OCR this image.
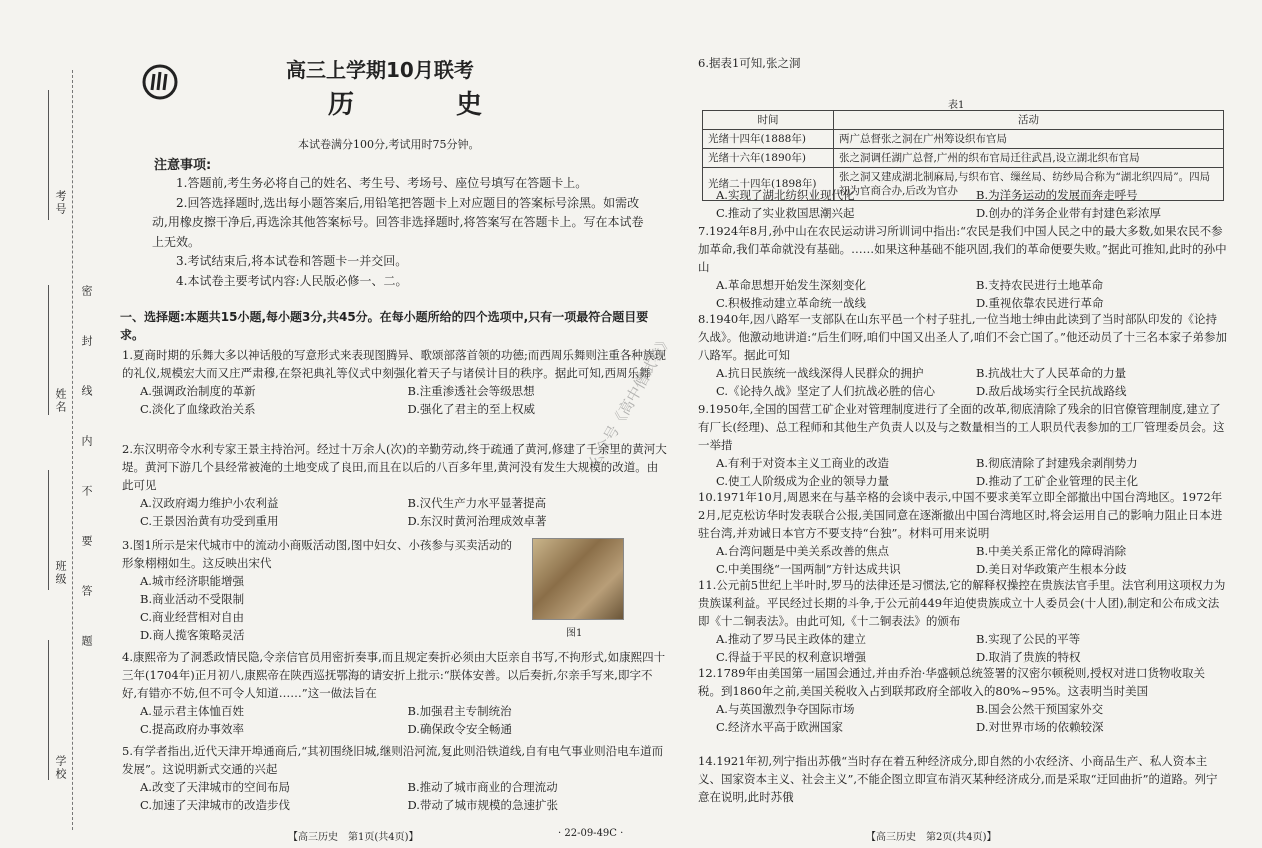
考号
姓名
班级
学校
密　封　线　内　不　要　答　题
高三上学期10月联考
历　史
本试卷满分100分,考试用时75分钟。
注意事项:

1.答题前,考生务必将自己的姓名、考生号、考场号、座位号填写在答题卡上。

2.回答选择题时,选出每小题答案后,用铅笔把答题卡上对应题目的答案标号涂黑。如需改动,用橡皮擦干净后,再选涂其他答案标号。回答非选择题时,将答案写在答题卡上。写在本试卷上无效。

3.考试结束后,将本试卷和答题卡一并交回。

4.本试卷主要考试内容:人民版必修一、二。

一、选择题:本题共15小题,每小题3分,共45分。在每小题所给的四个选项中,只有一项最符合题目要求。

1.夏商时期的乐舞大多以神话般的写意形式来表现图腾异、歌颂部落首领的功德;而西周乐舞则注重各种族现的礼仪,规模宏大而又庄严肃穆,在祭祀典礼等仪式中刻强化着天子与诸侯计目的秩序。据此可知,西周乐舞

A.强调政治制度的革新	B.注重渗透社会等级思想
C.淡化了血缘政治关系	D.强化了君主的至上权威

2.东汉明帝令水利专家王景主持治河。经过十万余人(次)的辛勤劳动,终于疏通了黄河,修建了千余里的黄河大堤。黄河下游几个县经常被淹的土地变成了良田,而且在以后的八百多年里,黄河没有发生大规模的改道。由此可见

A.汉政府竭力维护小农利益	B.汉代生产力水平显著提高
C.王景因治黄有功受到重用	D.东汉时黄河治理成效卓著

3.图1所示是宋代城市中的流动小商贩活动图,图中妇女、小孩参与买卖活动的形象栩栩如生。这反映出宋代

A.城市经济职能增强
B.商业活动不受限制
C.商业经营相对自由
D.商人揽客策略灵活	图1

4.康熙帝为了洞悉政情民隐,令亲信官员用密折奏事,而且规定奏折必须由大臣亲自书写,不拘形式,如康熙四十三年(1704年)正月初八,康熙帝在陕西巡抚鄂海的请安折上批示:“朕体安善。以后奏折,尔亲手写来,即字不好,有错亦不妨,但不可令人知道……”这一做法旨在

A.显示君主体恤百姓	B.加强君主专制统治
C.提高政府办事效率	D.确保政令安全畅通

5.有学者指出,近代天津开埠通商后,“其初围绕旧城,继则沿河流,复此则沿铁道线,自有电气事业则沿电车道而发展”。这说明新式交通的兴起

A.改变了天津城市的空间布局	B.推动了城市商业的合理流动
C.加速了天津城市的改造步伐	D.带动了城市规模的急速扩张
【高三历史　第1页(共4页)】	· 22-09-49C ·
公众号《高中僧试卷》
6.据表1可知,张之洞
表1
时间	活动
光绪十四年(1888年)	两广总督张之洞在广州筹设织布官局
光绪十六年(1890年)	张之洞调任湖广总督,广州的织布官局迁往武昌,设立湖北织布官局
光绪二十四年(1898年)	张之洞又建成湖北制麻局,与织布官、缫丝局、纺纱局合称为“湖北织四局”。四局初为官商合办,后改为官办
A.实现了湖北纺织业现代化	B.为洋务运动的发展而奔走呼号
C.推动了实业救国思潮兴起	D.创办的洋务企业带有封建色彩浓厚

7.1924年8月,孙中山在农民运动讲习所训词中指出:“农民是我们中国人民之中的最大多数,如果农民不参加革命,我们革命就没有基础。……如果这种基础不能巩固,我们的革命便要失败。”据此可推知,此时的孙中山

A.革命思想开始发生深刻变化	B.支持农民进行土地革命
C.积极推动建立革命统一战线	D.重视依靠农民进行革命

8.1940年,因八路军一支部队在山东平邑一个村子驻扎,一位当地士绅由此读到了当时部队印发的《论持久战》。他激动地讲道:“后生们呀,咱们中国又出圣人了,咱们不会亡国了。”他还动员了十三名本家子弟参加八路军。据此可知

A.抗日民族统一战线深得人民群众的拥护	B.抗战壮大了人民革命的力量
C.《论持久战》坚定了人们抗战必胜的信心	D.敌后战场实行全民抗战路线

9.1950年,全国的国营工矿企业对管理制度进行了全面的改革,彻底清除了残余的旧官僚管理制度,建立了有厂长(经理)、总工程师和其他生产负责人以及与之数量相当的工人职员代表参加的工厂管理委员会。这一举措

A.有利于对资本主义工商业的改造	B.彻底清除了封建残余剥削势力
C.使工人阶级成为企业的领导力量	D.推动了工矿企业管理的民主化

10.1971年10月,周恩来在与基辛格的会谈中表示,中国不要求美军立即全部撤出中国台湾地区。1972年2月,尼克松访华时发表联合公报,美国同意在逐渐撤出中国台湾地区时,将会运用自己的影响力阻止日本进驻台湾,并劝诫日本官方不要支持“台独”。材料可用来说明

A.台湾问题是中美关系改善的焦点	B.中美关系正常化的障碍消除
C.中美围绕“一国两制”方针达成共识	D.美日对华政策产生根本分歧

11.公元前5世纪上半叶时,罗马的法律还是习惯法,它的解释权操控在贵族法官手里。法官利用这项权力为贵族谋利益。平民经过长期的斗争,于公元前449年迫使贵族成立十人委员会(十人团),制定和公布成文法即《十二铜表法》。由此可知,《十二铜表法》的颁布

A.推动了罗马民主政体的建立	B.实现了公民的平等
C.得益于平民的权利意识增强	D.取消了贵族的特权

12.1789年由美国第一届国会通过,并由乔治·华盛顿总统签署的汉密尔顿税则,授权对进口货物收取关税。到1860年之前,美国关税收入占到联邦政府全部收入的80%~95%。这表明当时美国

A.与英国激烈争夺国际市场	B.国会公然干预国家外交
C.经济水平高于欧洲国家	D.对世界市场的依赖较深

14.1921年初,列宁指出苏俄“当时存在着五种经济成分,即自然的小农经济、小商品生产、私人资本主义、国家资本主义、社会主义”,不能企图立即宣布消灭某种经济成分,而是采取“迂回曲折”的道路。列宁意在说明,此时苏俄

【高三历史　第2页(共4页)】
